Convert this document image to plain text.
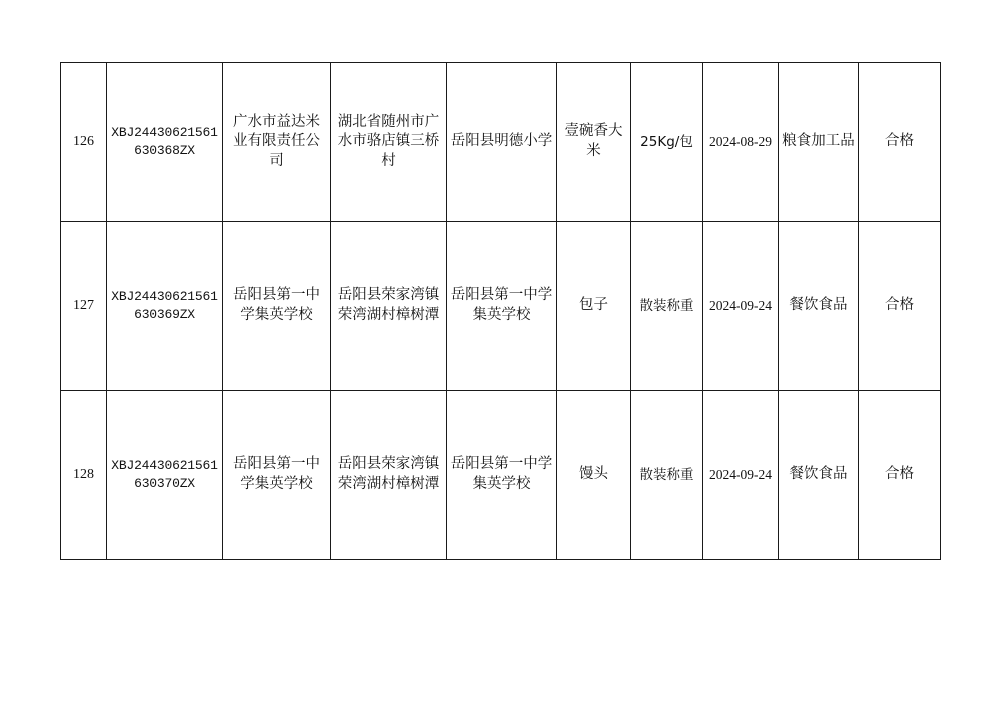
126	XBJ24430621561630368ZX	广水市益达米业有限责任公司	湖北省随州市广水市骆店镇三桥村	岳阳县明德小学	壹碗香大米	25Kg/包	2024-08-29	粮食加工品	合格
127	XBJ24430621561630369ZX	岳阳县第一中学集英学校	岳阳县荣家湾镇荣湾湖村樟树潭	岳阳县第一中学集英学校	包子	散装称重	2024-09-24	餐饮食品	合格
128	XBJ24430621561630370ZX	岳阳县第一中学集英学校	岳阳县荣家湾镇荣湾湖村樟树潭	岳阳县第一中学集英学校	馒头	散装称重	2024-09-24	餐饮食品	合格
